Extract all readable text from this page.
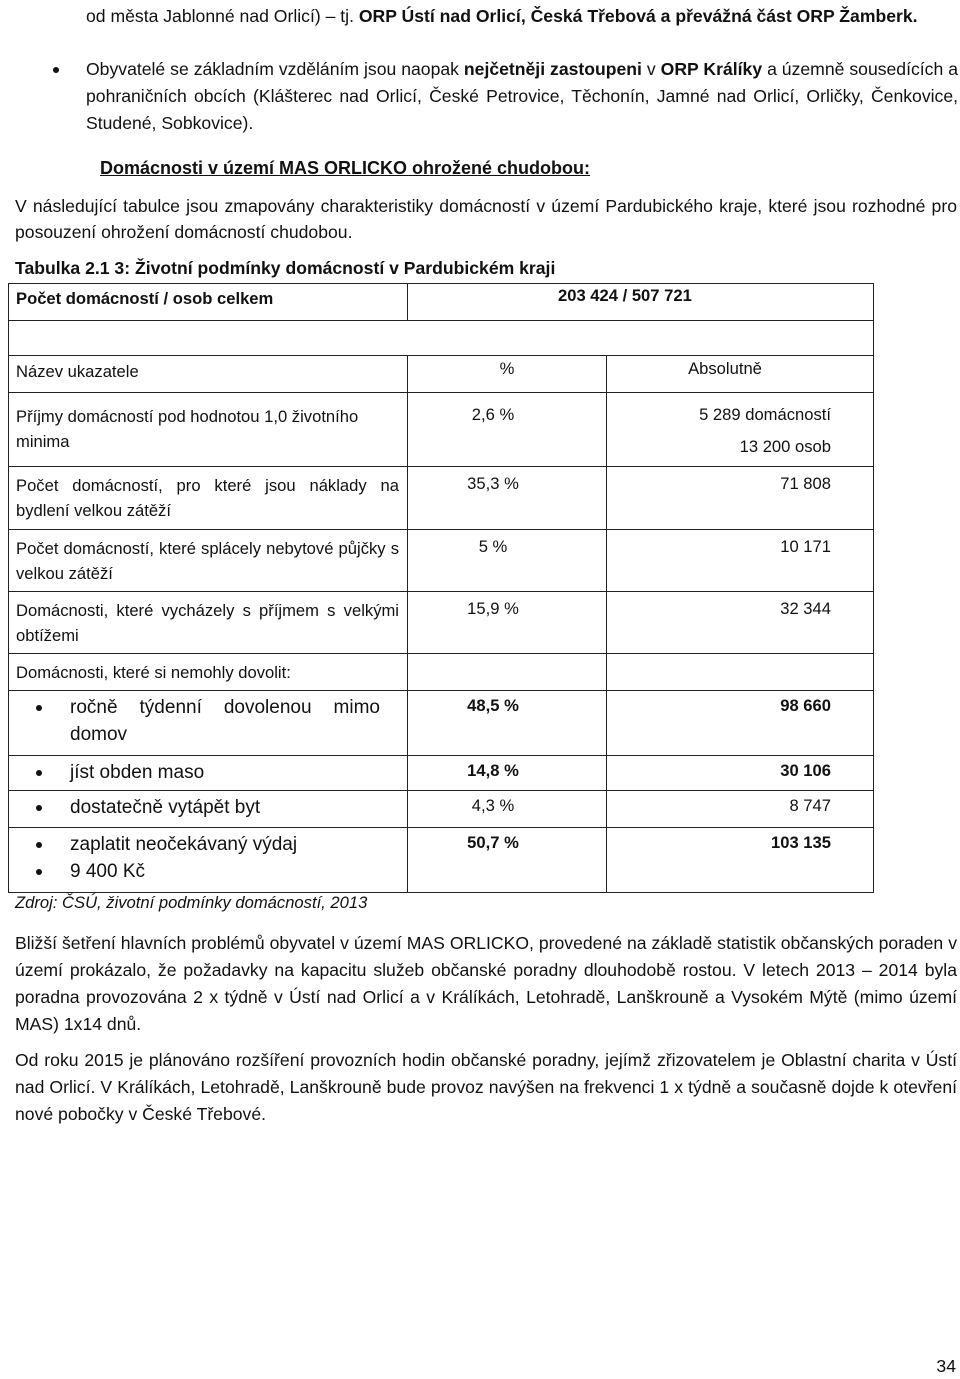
od města Jablonné nad Orlicí) – tj. ORP Ústí nad Orlicí, Česká Třebová a převážná část ORP Žamberk.

Obyvatelé se základním vzděláním jsou naopak nejčetněji zastoupeni v ORP Králíky a územně sousedících a pohraničních obcích (Klášterec nad Orlicí, České Petrovice, Těchonín, Jamné nad Orlicí, Orličky, Čenkovice, Studené, Sobkovice).

Domácnosti v území MAS ORLICKO ohrožené chudobou:

V následující tabulce jsou zmapovány charakteristiky domácností v území Pardubického kraje, které jsou rozhodné pro posouzení ohrožení domácností chudobou.

Tabulka 2.1 3: Životní podmínky domácností v Pardubickém kraji
Počet domácností / osob celkem	203 424 / 507 721	

Název ukazatele	%	Absolutně

Příjmy domácností pod hodnotou 1,0 životního minima	2,6 %	5 289 domácností
13 200 osob

Počet domácností, pro které jsou náklady na bydlení velkou zátěží	35,3 %	71 808

Počet domácností, které splácely nebytové půjčky s velkou zátěží	5 %	10 171

Domácnosti, které vycházely s příjmem s velkými obtížemi	15,9 %	32 344

Domácnosti, které si nemohly dovolit:		

ročně týdenní dovolenou mimo domov	48,5 %	98 660

jíst obden maso	14,8 %	30 106

dostatečně vytápět byt	4,3 %	8 747

zaplatit neočekávaný výdaj
9 400 Kč	50,7 %	103 135
Zdroj: ČSÚ, životní podmínky domácností, 2013

Bližší šetření hlavních problémů obyvatel v území MAS ORLICKO, provedené na základě statistik občanských poraden v území prokázalo, že požadavky na kapacitu služeb občanské poradny dlouhodobě rostou. V letech 2013 – 2014 byla poradna provozována 2 x týdně v Ústí nad Orlicí a v Králíkách, Letohradě, Lanškrouně a Vysokém Mýtě (mimo území MAS) 1x14 dnů.

Od roku 2015 je plánováno rozšíření provozních hodin občanské poradny, jejímž zřizovatelem je Oblastní charita v Ústí nad Orlicí. V Králíkách, Letohradě, Lanškrouně bude provoz navýšen na frekvenci 1 x týdně a současně dojde k otevření nové pobočky v České Třebové.

34
